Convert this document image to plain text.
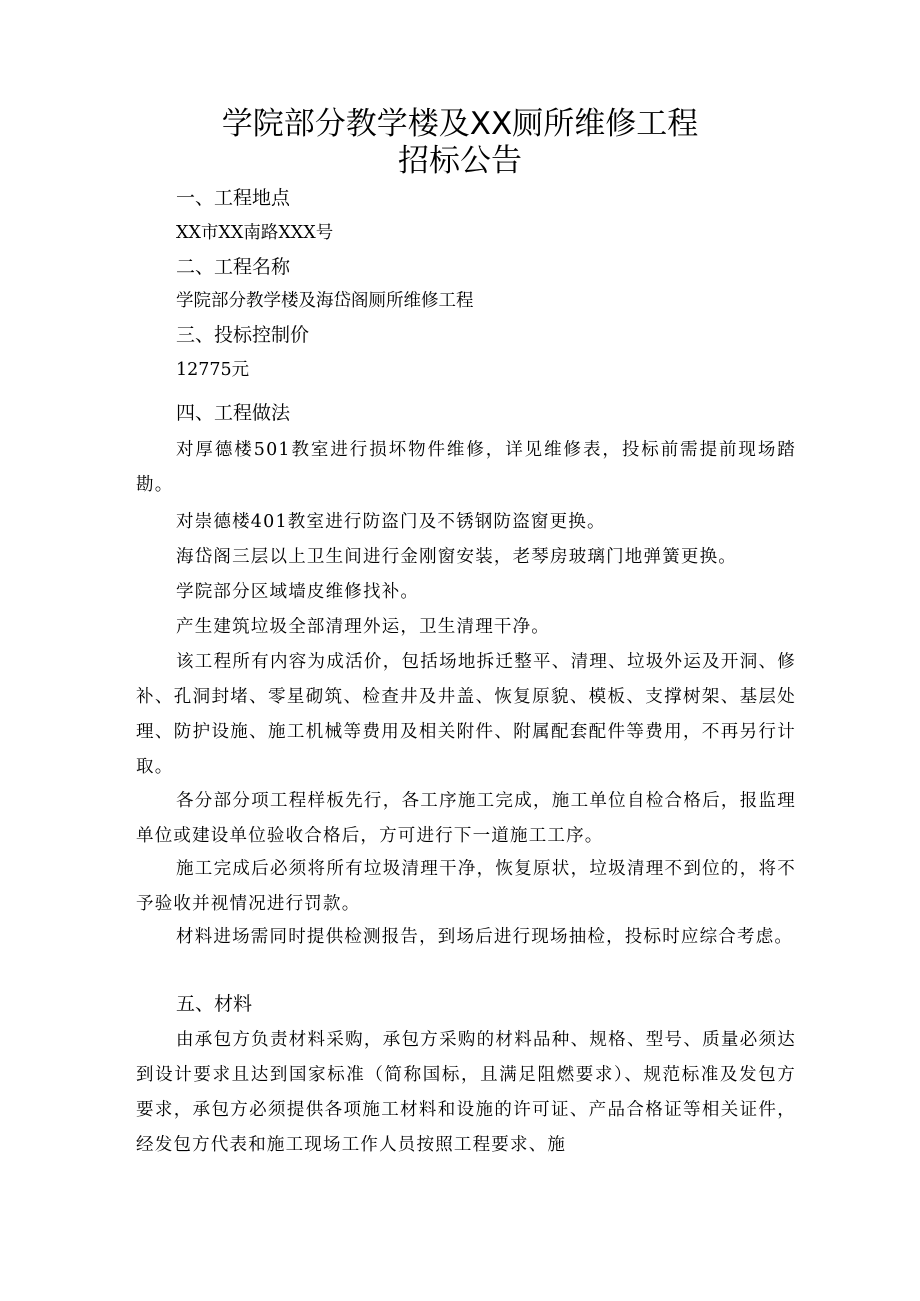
学院部分教学楼及XX厕所维修工程
招标公告
一、工程地点
XX市XX南路XXX号
二、工程名称
学院部分教学楼及海岱阁厕所维修工程
三、投标控制价
12775元
四、工程做法
对厚德楼501教室进行损坏物件维修，详见维修表，投标前需提前现场踏勘。
对崇德楼401教室进行防盗门及不锈钢防盗窗更换。
海岱阁三层以上卫生间进行金刚窗安装，老琴房玻璃门地弹簧更换。
学院部分区域墙皮维修找补。
产生建筑垃圾全部清理外运，卫生清理干净。
该工程所有内容为成活价，包括场地拆迁整平、清理、垃圾外运及开洞、修补、孔洞封堵、零星砌筑、检查井及井盖、恢复原貌、模板、支撑树架、基层处理、防护设施、施工机械等费用及相关附件、附属配套配件等费用，不再另行计取。
各分部分项工程样板先行，各工序施工完成，施工单位自检合格后，报监理单位或建设单位验收合格后，方可进行下一道施工工序。
施工完成后必须将所有垃圾清理干净，恢复原状，垃圾清理不到位的，将不予验收并视情况进行罚款。
材料进场需同时提供检测报告，到场后进行现场抽检，投标时应综合考虑。
五、材料
由承包方负责材料采购，承包方采购的材料品种、规格、型号、质量必须达到设计要求且达到国家标准（简称国标，且满足阻燃要求）、规范标准及发包方要求，承包方必须提供各项施工材料和设施的许可证、产品合格证等相关证件，经发包方代表和施工现场工作人员按照工程要求、施
